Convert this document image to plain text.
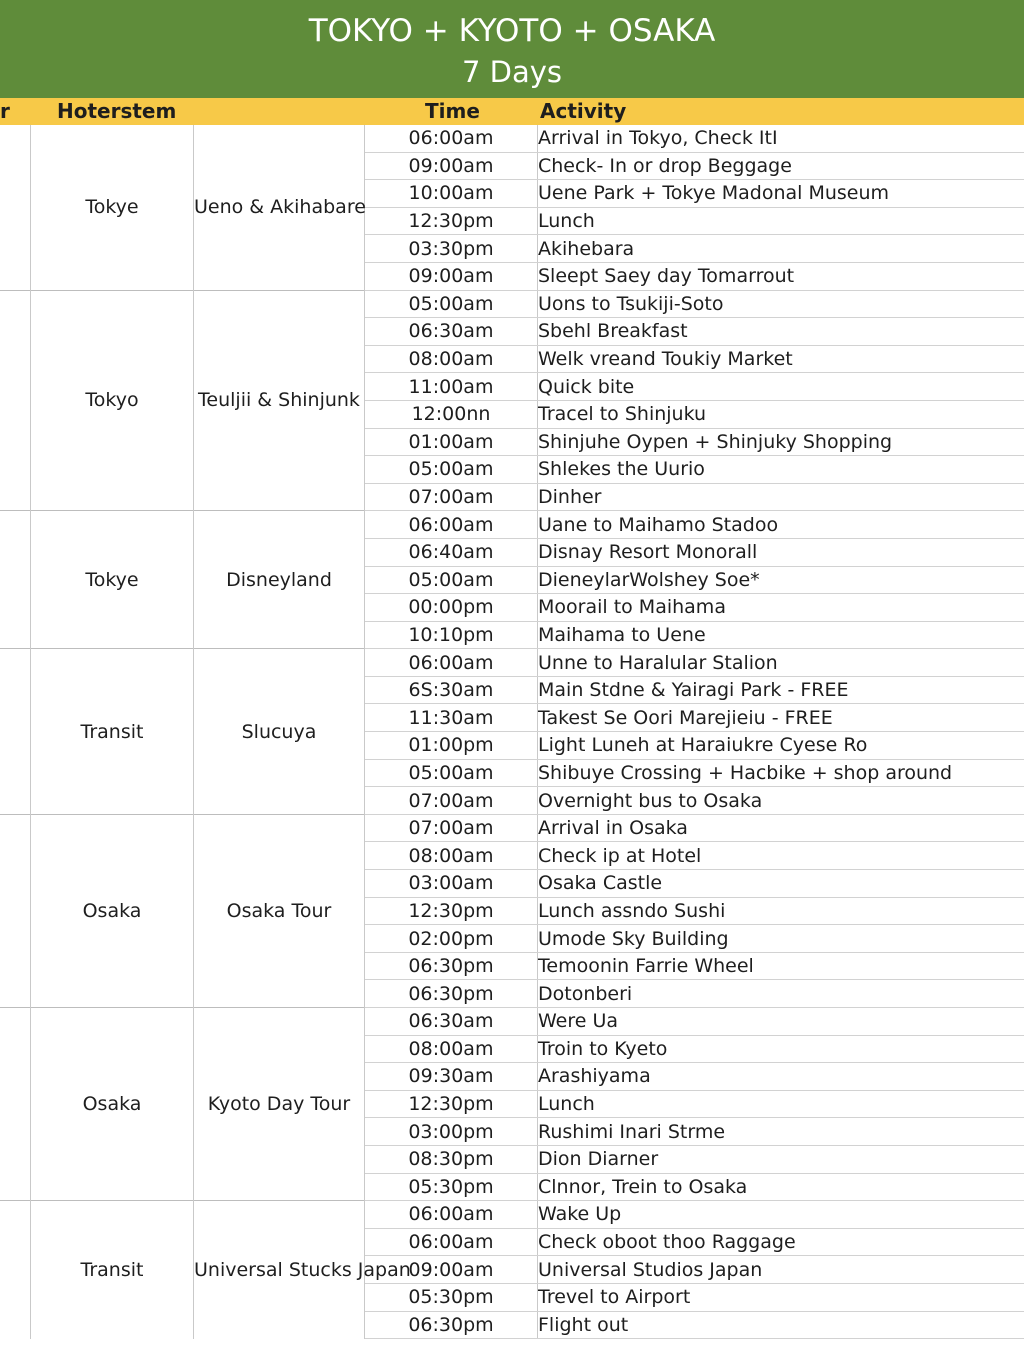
TOKYO + KYOTO + OSAKA
7 Days
r Hoterstem	Time	Activity
	Tokye	Ueno & Akihabare	06:00am	Arrival in Tokyo, Check ItI
			09:00am	Check- In or drop Beggage
			10:00am	Uene Park + Tokye Madonal Museum
			12:30pm	Lunch
			03:30pm	Akihebara
			09:00am	Sleept Saey day Tomarrout
	Tokyo	Teuljii & Shinjunk	05:00am	Uons to Tsukiji-Soto
			06:30am	Sbehl Breakfast
			08:00am	Welk vreand Toukiy Market
			11:00am	Quick bite
			12:00nn	Tracel to Shinjuku
			01:00am	Shinjuhe Oypen + Shinjuky Shopping
			05:00am	Shlekes the Uurio
			07:00am	Dinher
	Tokye	Disneyland	06:00am	Uane to Maihamo Stadoo
			06:40am	Disnay Resort Monorall
			05:00am	DieneylarWolshey Soe*
			00:00pm	Moorail to Maihama
			10:10pm	Maihama to Uene
	Transit	Slucuya	06:00am	Unne to Haralular Stalion
			6S:30am	Main Stdne & Yairagi Park - FREE
			11:30am	Takest Se Oori Marejieiu - FREE
			01:00pm	Light Luneh at Haraiukre Cyese Ro
			05:00am	Shibuye Crossing + Hacbike + shop around
			07:00am	Overnight bus to Osaka
	Osaka	Osaka Tour	07:00am	Arrival in Osaka
			08:00am	Check ip at Hotel
			03:00am	Osaka Castle
			12:30pm	Lunch assndo Sushi
			02:00pm	Umode Sky Building
			06:30pm	Temoonin Farrie Wheel
			06:30pm	Dotonberi
	Osaka	Kyoto Day Tour	06:30am	Were Ua
			08:00am	Troin to Kyeto
			09:30am	Arashiyama
			12:30pm	Lunch
			03:00pm	Rushimi Inari Strme
			08:30pm	Dion Diarner
			05:30pm	Clnnor, Trein to Osaka
	Transit	Universal Stucks Japan	06:00am	Wake Up
			06:00am	Check oboot thoo Raggage
			09:00am	Universal Studios Japan
			05:30pm	Trevel to Airport
			06:30pm	Flight out
